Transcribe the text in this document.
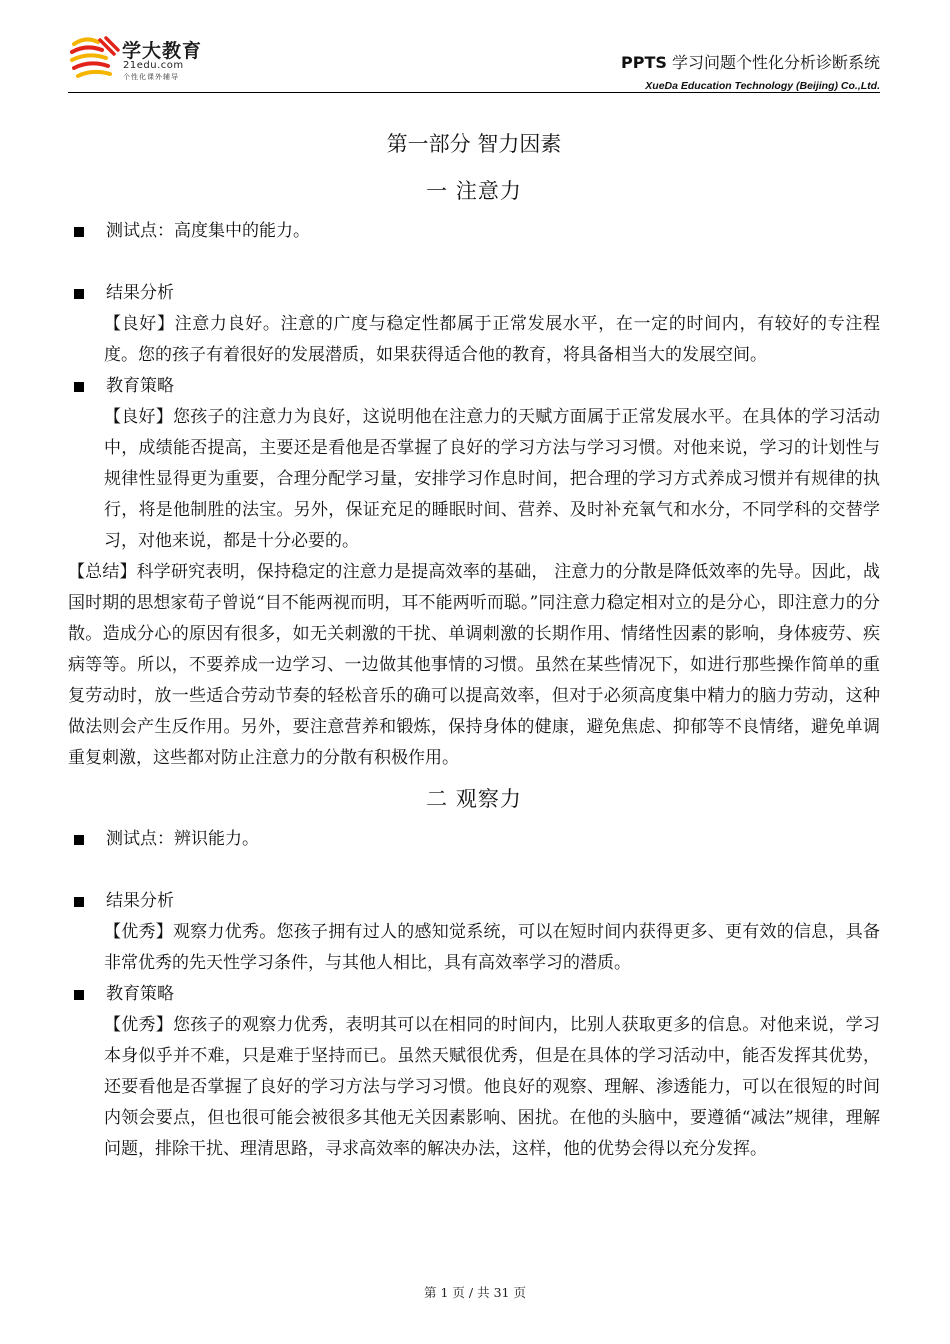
学大教育
21edu.com
个性化课外辅导
PPTS 学习问题个性化分析诊断系统
XueDa Education Technology (Beijing) Co.,Ltd.
第一部分 智力因素
一 注意力
测试点：高度集中的能力。
结果分析
【良好】注意力良好。注意的广度与稳定性都属于正常发展水平，在一定的时间内，有较好的专注程度。您的孩子有着很好的发展潜质，如果获得适合他的教育，将具备相当大的发展空间。
教育策略
【良好】您孩子的注意力为良好，这说明他在注意力的天赋方面属于正常发展水平。在具体的学习活动中，成绩能否提高，主要还是看他是否掌握了良好的学习方法与学习习惯。对他来说，学习的计划性与规律性显得更为重要，合理分配学习量，安排学习作息时间，把合理的学习方式养成习惯并有规律的执行，将是他制胜的法宝。另外，保证充足的睡眠时间、营养、及时补充氧气和水分，不同学科的交替学习，对他来说，都是十分必要的。
【总结】科学研究表明，保持稳定的注意力是提高效率的基础， 注意力的分散是降低效率的先导。因此，战国时期的思想家荀子曾说“目不能两视而明，耳不能两听而聪。”同注意力稳定相对立的是分心，即注意力的分散。造成分心的原因有很多，如无关刺激的干扰、单调刺激的长期作用、情绪性因素的影响，身体疲劳、疾病等等。所以，不要养成一边学习、一边做其他事情的习惯。虽然在某些情况下，如进行那些操作简单的重复劳动时，放一些适合劳动节奏的轻松音乐的确可以提高效率，但对于必须高度集中精力的脑力劳动，这种做法则会产生反作用。另外，要注意营养和锻炼，保持身体的健康，避免焦虑、抑郁等不良情绪，避免单调重复刺激，这些都对防止注意力的分散有积极作用。
二 观察力
测试点：辨识能力。
结果分析
【优秀】观察力优秀。您孩子拥有过人的感知觉系统，可以在短时间内获得更多、更有效的信息，具备非常优秀的先天性学习条件，与其他人相比，具有高效率学习的潜质。
教育策略
【优秀】您孩子的观察力优秀，表明其可以在相同的时间内，比别人获取更多的信息。对他来说，学习本身似乎并不难，只是难于坚持而已。虽然天赋很优秀，但是在具体的学习活动中，能否发挥其优势，还要看他是否掌握了良好的学习方法与学习习惯。他良好的观察、理解、渗透能力，可以在很短的时间内领会要点，但也很可能会被很多其他无关因素影响、困扰。在他的头脑中，要遵循“减法”规律，理解问题，排除干扰、理清思路，寻求高效率的解决办法，这样，他的优势会得以充分发挥。
第 1 页 / 共 31 页
